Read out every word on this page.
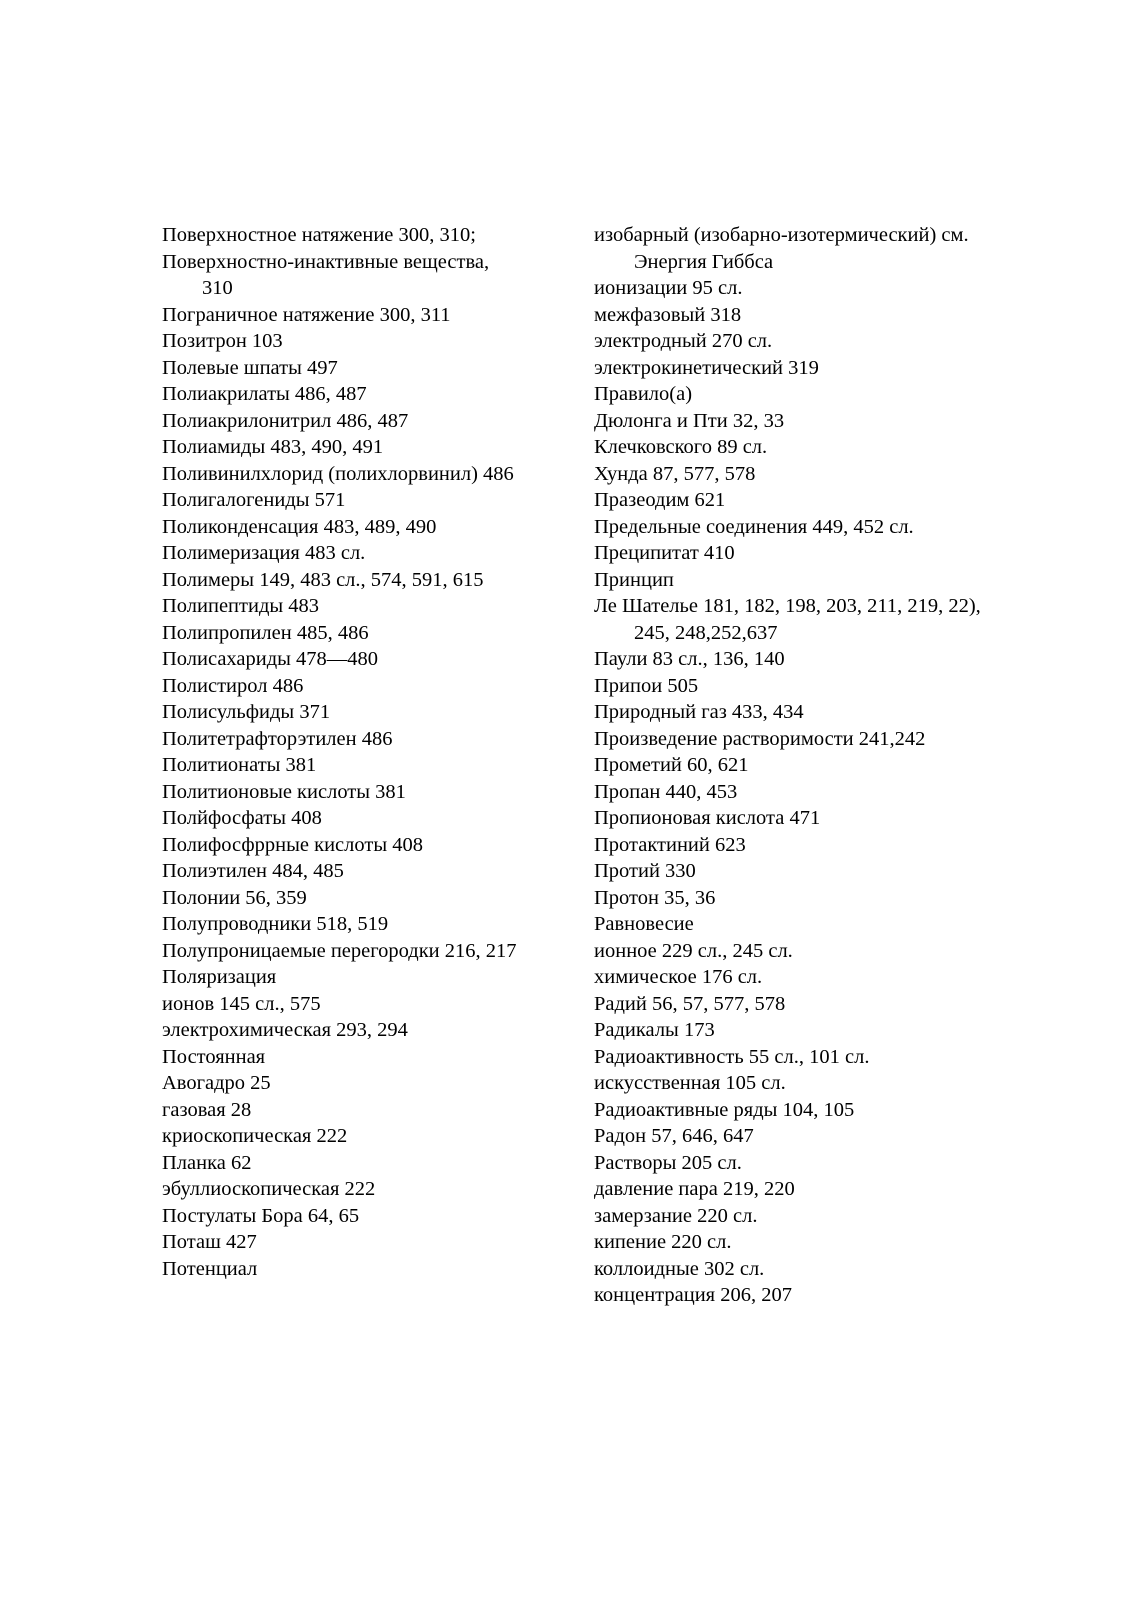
Поверхностное натяжение 300, 310;
Поверхностно-инактивные вещества, 310
Пограничное натяжение 300, 311
Позитрон 103
Полевые шпаты 497
Полиакрилаты 486, 487
Полиакрилонитрил 486, 487
Полиамиды 483, 490, 491
Поливинилхлорид (полихлорвинил) 486
Полигалогениды 571
Поликонденсация 483, 489, 490
Полимеризация 483 сл.
Полимеры 149, 483 сл., 574, 591, 615
Полипептиды 483
Полипропилен 485, 486
Полисахариды 478—480
Полистирол 486
Полисульфиды 371
Политетрафторэтилен 486
Политионаты 381
Политионовые кислоты 381
Полйфосфаты 408
Полифосфррные кислоты 408
Полиэтилен 484, 485
Полонии 56, 359
Полупроводники 518, 519
Полупроницаемые перегородки 216, 217
Поляризация
ионов 145 сл., 575
электрохимическая 293, 294
Постоянная
Авогадро 25
газовая 28
криоскопическая 222
Планка 62
эбуллиоскопическая 222
Постулаты Бора 64, 65
Поташ 427
Потенциал
изобарный (изобарно-изотермический) см. Энергия Гиббса
ионизации 95 сл.
межфазовый 318
электродный 270 сл.
электрокинетический 319
Правило(а)
Дюлонга и Пти 32, 33
Клечковского 89 сл.
Хунда 87, 577, 578
Празеодим 621
Предельные соединения 449, 452 сл.
Преципитат 410
Принцип
Ле Шателье 181, 182, 198, 203, 211, 219, 22), 245, 248,252,637
Паули 83 сл., 136, 140
Припои 505
Природный газ 433, 434
Произведение растворимости 241,242
Прометий 60, 621
Пропан 440, 453
Пропионовая кислота 471
Протактиний 623
Протий 330
Протон 35, 36
Равновесие
ионное 229 сл., 245 сл.
химическое 176 сл.
Радий 56, 57, 577, 578
Радикалы 173
Радиоактивность 55 сл., 101 сл.
искусственная 105 сл.
Радиоактивные ряды 104, 105
Радон 57, 646, 647
Растворы 205 сл.
давление пара 219, 220
замерзание 220 сл.
кипение 220 сл.
коллоидные 302 сл.
концентрация 206, 207
